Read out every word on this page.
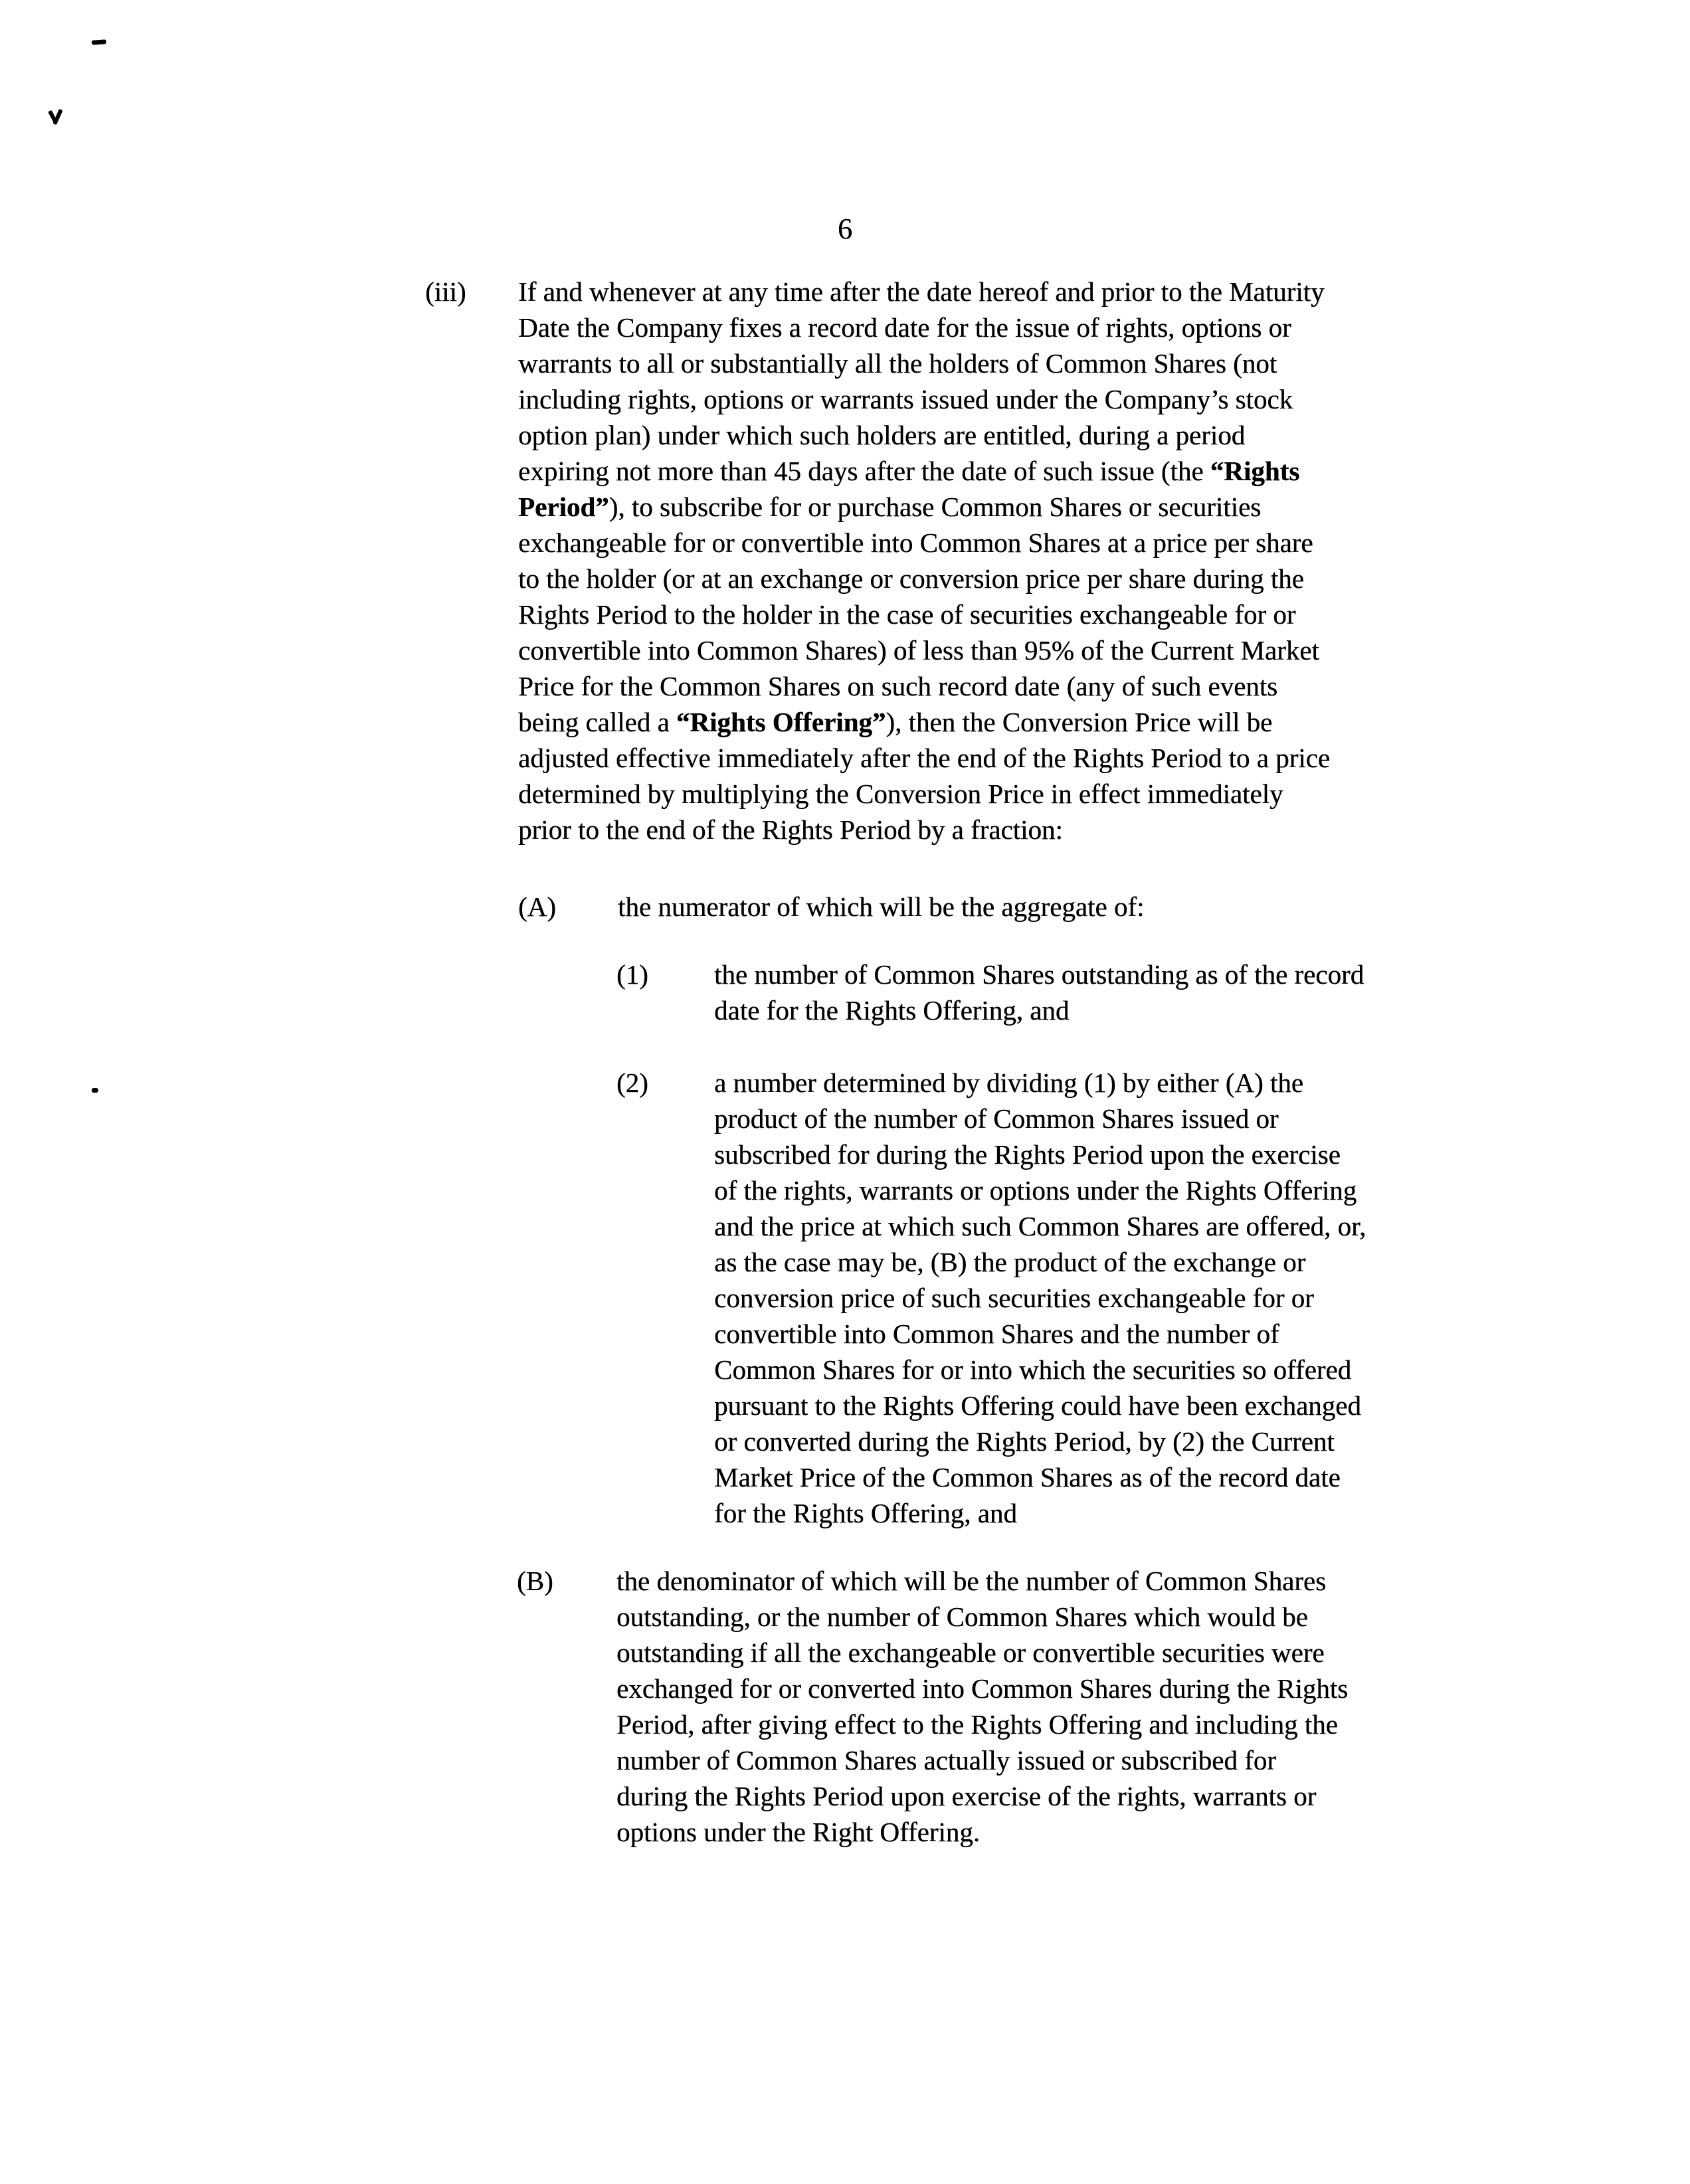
6
(iii) If and whenever at any time after the date hereof and prior to the Maturity
Date the Company fixes a record date for the issue of rights, options or
warrants to all or substantially all the holders of Common Shares (not
including rights, options or warrants issued under the Company’s stock
option plan) under which such holders are entitled, during a period
expiring not more than 45 days after the date of such issue (the “Rights
Period”), to subscribe for or purchase Common Shares or securities
exchangeable for or convertible into Common Shares at a price per share
to the holder (or at an exchange or conversion price per share during the
Rights Period to the holder in the case of securities exchangeable for or
convertible into Common Shares) of less than 95% of the Current Market
Price for the Common Shares on such record date (any of such events
being called a “Rights Offering”), then the Conversion Price will be
adjusted effective immediately after the end of the Rights Period to a price
determined by multiplying the Conversion Price in effect immediately
prior to the end of the Rights Period by a fraction:
(A) the numerator of which will be the aggregate of:
(1) the number of Common Shares outstanding as of the record
date for the Rights Offering, and
(2) a number determined by dividing (1) by either (A) the
product of the number of Common Shares issued or
subscribed for during the Rights Period upon the exercise
of the rights, warrants or options under the Rights Offering
and the price at which such Common Shares are offered, or,
as the case may be, (B) the product of the exchange or
conversion price of such securities exchangeable for or
convertible into Common Shares and the number of
Common Shares for or into which the securities so offered
pursuant to the Rights Offering could have been exchanged
or converted during the Rights Period, by (2) the Current
Market Price of the Common Shares as of the record date
for the Rights Offering, and
(B) the denominator of which will be the number of Common Shares
outstanding, or the number of Common Shares which would be
outstanding if all the exchangeable or convertible securities were
exchanged for or converted into Common Shares during the Rights
Period, after giving effect to the Rights Offering and including the
number of Common Shares actually issued or subscribed for
during the Rights Period upon exercise of the rights, warrants or
options under the Right Offering.
